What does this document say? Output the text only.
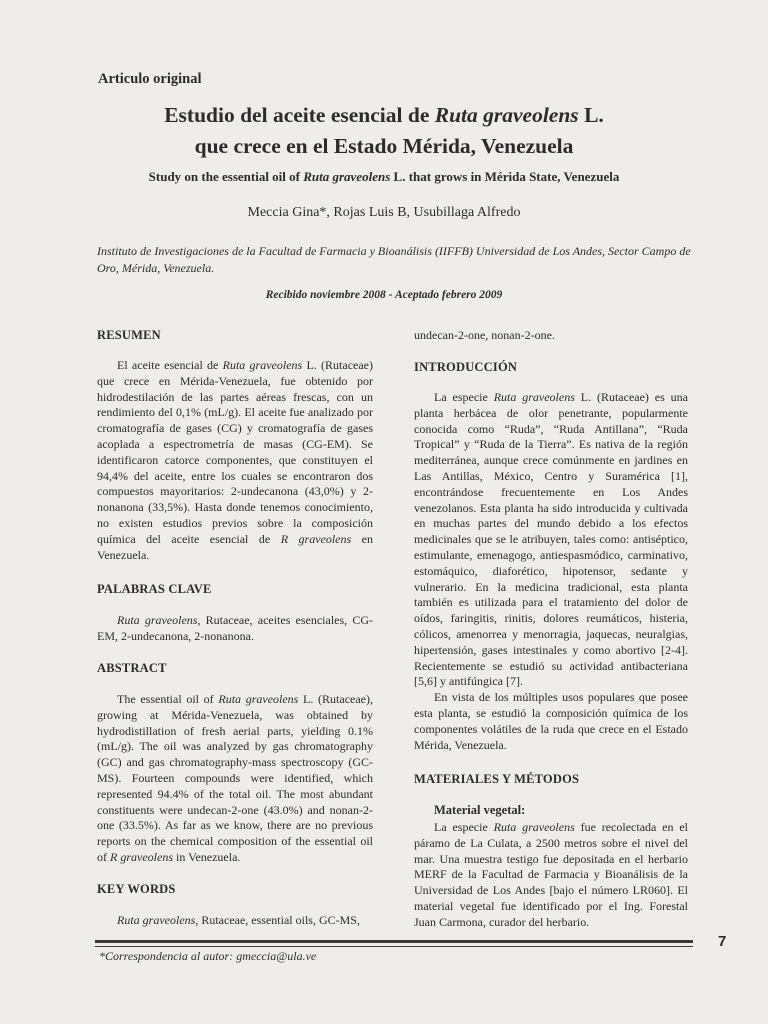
Articulo original
Estudio del aceite esencial de Ruta graveolens L.
que crece en el Estado Mérida, Venezuela
Study on the essential oil of Ruta graveolens L. that grows in Mérida State, Venezuela
Meccia Gina*, Rojas Luis B, Usubillaga Alfredo
Instituto de Investigaciones de la Facultad de Farmacia y Bioanálisis (IIFFB) Universidad de Los Andes, Sector Campo de Oro, Mérida, Venezuela.
Recibido noviembre 2008 - Aceptado febrero 2009
RESUMEN

El aceite esencial de Ruta graveolens L. (Rutaceae) que crece en Mérida-Venezuela, fue obtenido por hidrodestilación de las partes aéreas frescas, con un rendimiento del 0,1% (mL/g). El aceite fue analizado por cromatografía de gases (CG) y cromatografía de gases acoplada a espectrometría de masas (CG-EM). Se identificaron catorce componentes, que constituyen el 94,4% del aceite, entre los cuales se encontraron dos compuestos mayoritarios: 2-undecanona (43,0%) y 2-nonanona (33,5%). Hasta donde tenemos conocimiento, no existen estudios previos sobre la composición química del aceite esencial de R graveolens en Venezuela.

PALABRAS CLAVE

Ruta graveolens, Rutaceae, aceites esenciales, CG-EM, 2-undecanona, 2-nonanona.

ABSTRACT

The essential oil of Ruta graveolens L. (Rutaceae), growing at Mérida-Venezuela, was obtained by hydrodistillation of fresh aerial parts, yielding 0.1% (mL/g). The oil was analyzed by gas chromatography (GC) and gas chromatography-mass spectroscopy (GC-MS). Fourteen compounds were identified, which represented 94.4% of the total oil. The most abundant constituents were undecan-2-one (43.0%) and nonan-2-one (33.5%). As far as we know, there are no previous reports on the chemical composition of the essential oil of R graveolens in Venezuela.

KEY WORDS

Ruta graveolens, Rutaceae, essential oils, GC-MS,

undecan-2-one, nonan-2-one.
INTRODUCCIÓN

La especie Ruta graveolens L. (Rutaceae) es una planta herbácea de olor penetrante, popularmente conocida como “Ruda”, “Ruda Antillana”, “Ruda Tropical” y “Ruda de la Tierra”. Es nativa de la región mediterránea, aunque crece comúnmente en jardines en Las Antillas, México, Centro y Suramérica [1], encontrándose frecuentemente en Los Andes venezolanos. Esta planta ha sido introducida y cultivada en muchas partes del mundo debido a los efectos medicinales que se le atribuyen, tales como: antiséptico, estimulante, emenagogo, antiespasmódico, carminativo, estomáquico, diaforético, hipotensor, sedante y vulnerario. En la medicina tradicional, esta planta también es utilizada para el tratamiento del dolor de oídos, faringitis, rinitis, dolores reumáticos, histeria, cólicos, amenorrea y menorragia, jaquecas, neuralgias, hipertensión, gases intestinales y como abortivo [2-4]. Recientemente se estudió su actividad antibacteriana [5,6] y antifúngica [7].

En vista de los múltiples usos populares que posee esta planta, se estudió la composición química de los componentes volátiles de la ruda que crece en el Estado Mérida, Venezuela.

MATERIALES Y MÉTODOS
Material vegetal:

La especie Ruta graveolens fue recolectada en el páramo de La Culata, a 2500 metros sobre el nivel del mar. Una muestra testigo fue depositada en el herbario MERF de la Facultad de Farmacia y Bioanálisis de la Universidad de Los Andes [bajo el número LR060]. El material vegetal fue identificado por el Ing. Forestal Juan Carmona, curador del herbario.

7
*Correspondencia al autor: gmeccia@ula.ve
